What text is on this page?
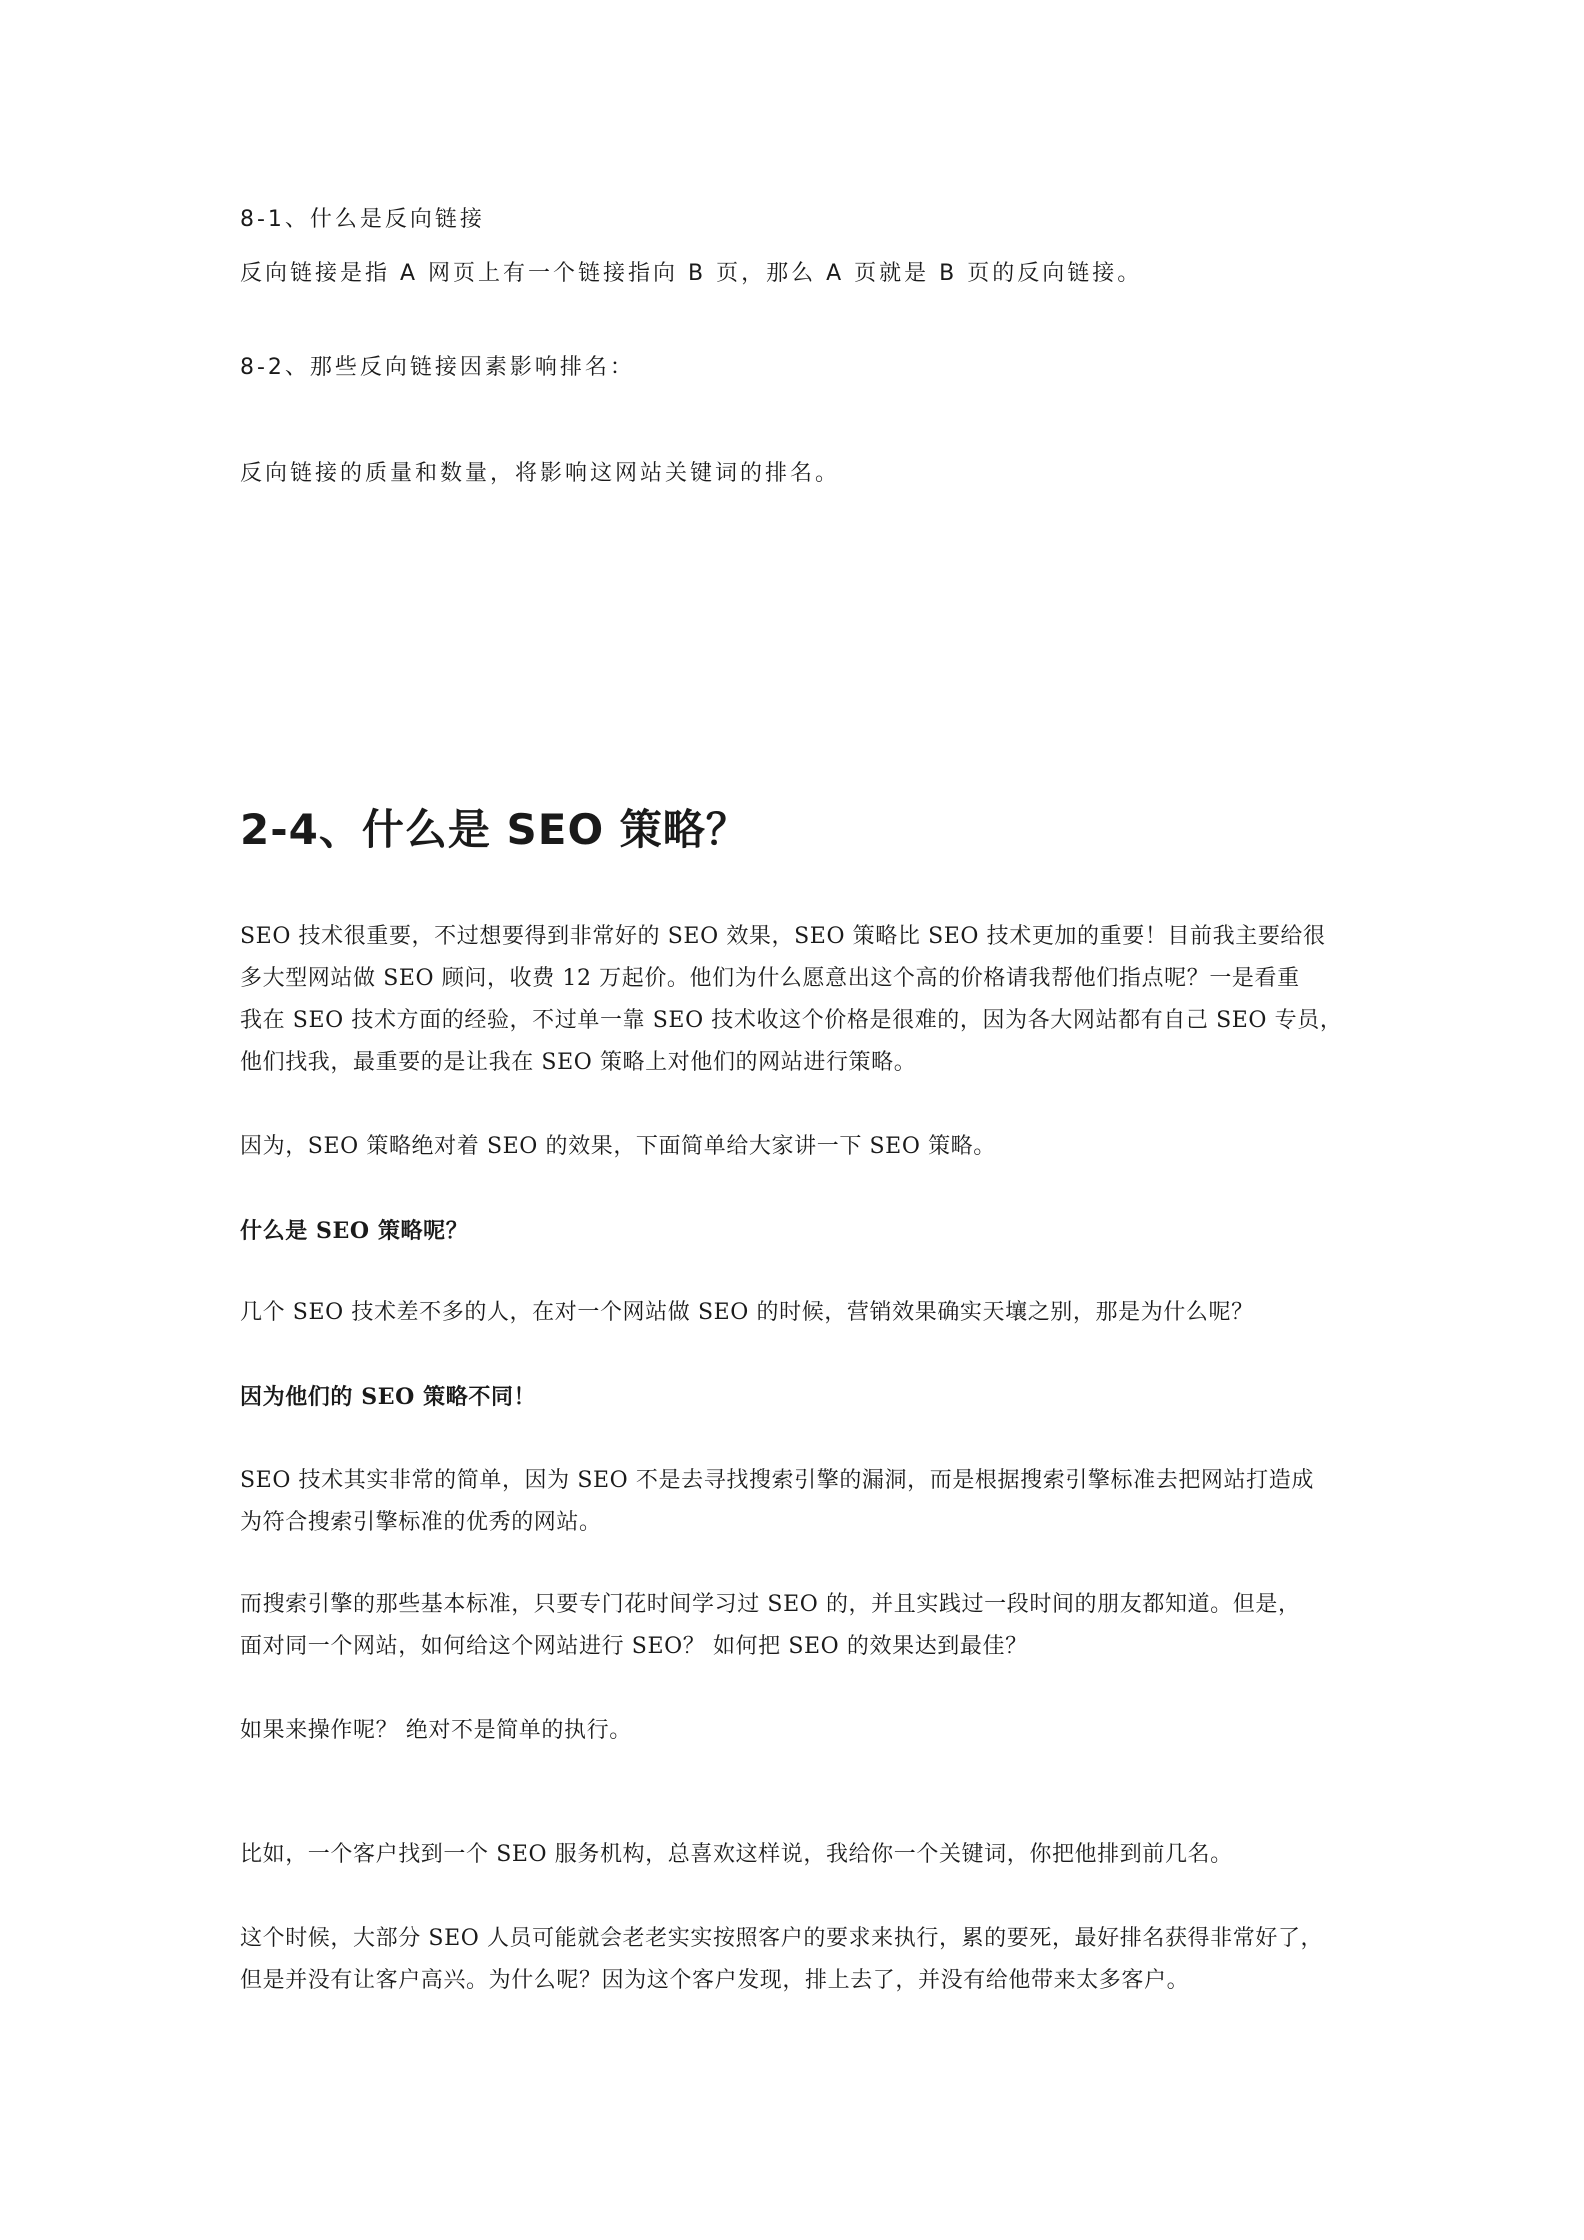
8-1、什么是反向链接

反向链接是指 A 网页上有一个链接指向 B 页，那么 A 页就是 B 页的反向链接。

8-2、那些反向链接因素影响排名：

反向链接的质量和数量，将影响这网站关键词的排名。

2-4、什么是 SEO 策略？
SEO 技术很重要，不过想要得到非常好的 SEO 效果，SEO 策略比 SEO 技术更加的重要！目前我主要给很
多大型网站做 SEO 顾问，收费 12 万起价。他们为什么愿意出这个高的价格请我帮他们指点呢？一是看重
我在 SEO 技术方面的经验，不过单一靠 SEO 技术收这个价格是很难的，因为各大网站都有自己 SEO 专员，
他们找我，最重要的是让我在 SEO 策略上对他们的网站进行策略。

因为，SEO 策略绝对着 SEO 的效果，下面简单给大家讲一下 SEO 策略。

什么是 SEO 策略呢？

几个 SEO 技术差不多的人，在对一个网站做 SEO 的时候，营销效果确实天壤之别，那是为什么呢？

因为他们的 SEO 策略不同！

SEO 技术其实非常的简单，因为 SEO 不是去寻找搜索引擎的漏洞，而是根据搜索引擎标准去把网站打造成
为符合搜索引擎标准的优秀的网站。
而搜索引擎的那些基本标准，只要专门花时间学习过 SEO 的，并且实践过一段时间的朋友都知道。但是，
面对同一个网站，如何给这个网站进行 SEO？ 如何把 SEO 的效果达到最佳？

如果来操作呢？ 绝对不是简单的执行。

比如，一个客户找到一个 SEO 服务机构，总喜欢这样说，我给你一个关键词，你把他排到前几名。

这个时候，大部分 SEO 人员可能就会老老实实按照客户的要求来执行，累的要死，最好排名获得非常好了，
但是并没有让客户高兴。为什么呢？因为这个客户发现，排上去了，并没有给他带来太多客户。
